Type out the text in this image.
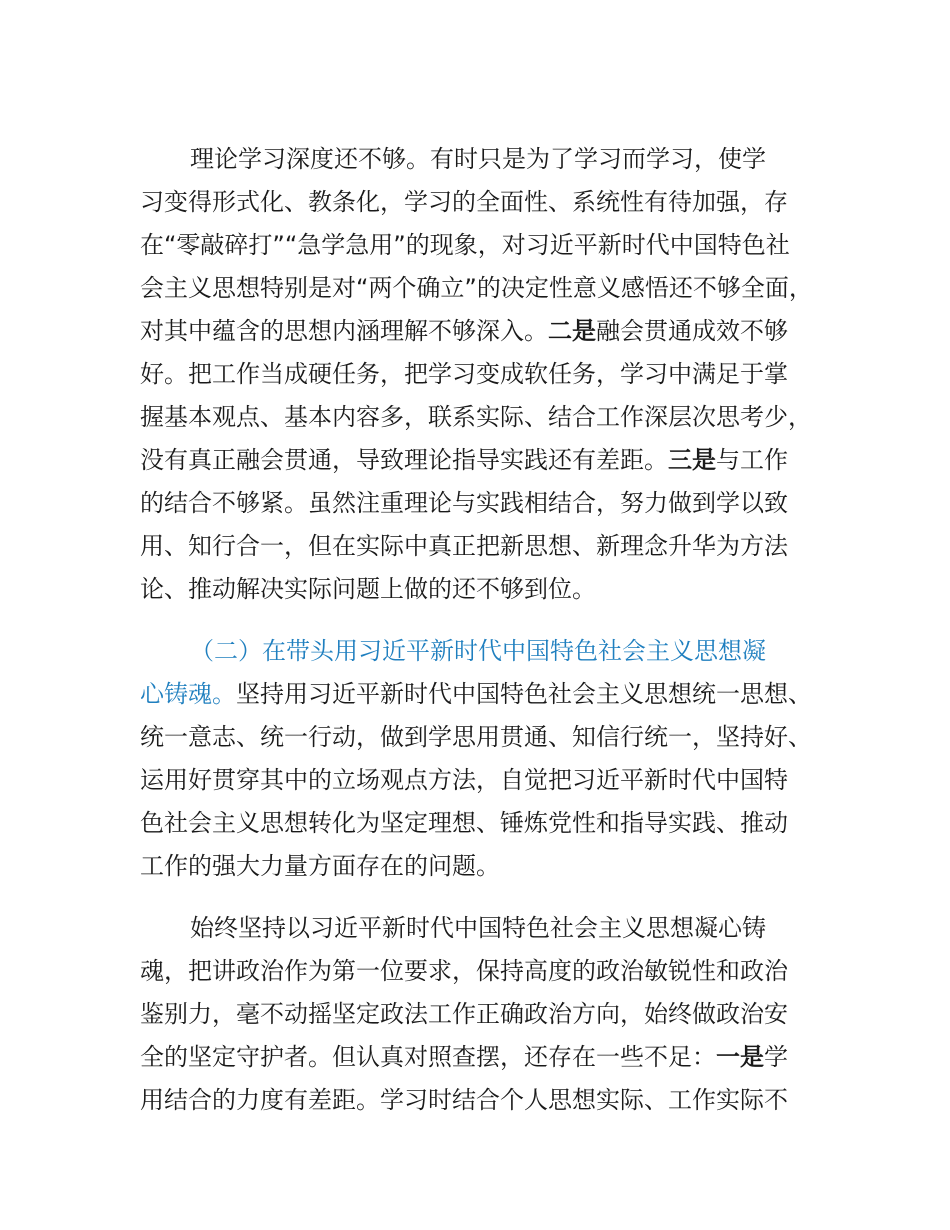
理论学习深度还不够。有时只是为了学习而学习，使学
习变得形式化、教条化，学习的全面性、系统性有待加强，存
在“零敲碎打”“急学急用”的现象，对习近平新时代中国特色社
会主义思想特别是对“两个确立”的决定性意义感悟还不够全面，
对其中蕴含的思想内涵理解不够深入。二是融会贯通成效不够
好。把工作当成硬任务，把学习变成软任务，学习中满足于掌
握基本观点、基本内容多，联系实际、结合工作深层次思考少，
没有真正融会贯通，导致理论指导实践还有差距。三是与工作
的结合不够紧。虽然注重理论与实践相结合，努力做到学以致
用、知行合一，但在实际中真正把新思想、新理念升华为方法
论、推动解决实际问题上做的还不够到位。
（二）在带头用习近平新时代中国特色社会主义思想凝
心铸魂。坚持用习近平新时代中国特色社会主义思想统一思想、
统一意志、统一行动，做到学思用贯通、知信行统一，坚持好、
运用好贯穿其中的立场观点方法，自觉把习近平新时代中国特
色社会主义思想转化为坚定理想、锤炼党性和指导实践、推动
工作的强大力量方面存在的问题。
始终坚持以习近平新时代中国特色社会主义思想凝心铸
魂，把讲政治作为第一位要求，保持高度的政治敏锐性和政治
鉴别力，毫不动摇坚定政法工作正确政治方向，始终做政治安
全的坚定守护者。但认真对照查摆，还存在一些不足：一是学
用结合的力度有差距。学习时结合个人思想实际、工作实际不
